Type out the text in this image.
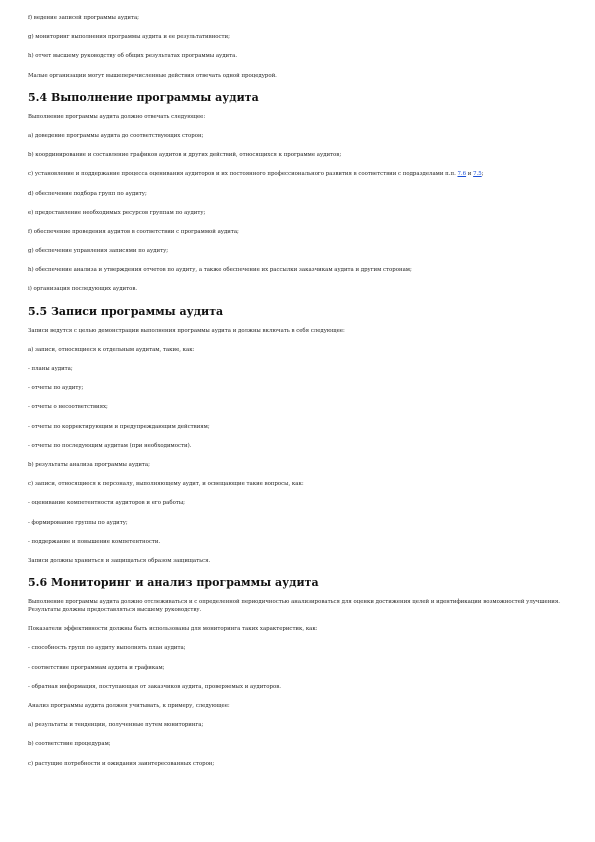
f) ведение записей программы аудита;

g) мониторинг выполнения программы аудита и ее результативности;

h) отчет высшему руководству об общих результатах программы аудита.

Малые организации могут вышеперечисленные действия отвечать одной процедурой.

5.4 Выполнение программы аудита

Выполнение программы аудита должно отвечать следующее:

a) доведение программы аудита до соответствующих сторон;

b) координирование и составление графиков аудитов и других действий, относящихся к программе аудитов;

c) установление и поддержание процесса оценивания аудиторов и их постоянного профессионального развития в соответствии с подразделами п.п. 7.6 и 7.5;

d) обеспечение подбора групп по аудиту;

e) предоставление необходимых ресурсов группам по аудиту;

f) обеспечение проведения аудитов в соответствии с программой аудита;

g) обеспечение управления записями по аудиту;

h) обеспечение анализа и утверждения отчетов по аудиту, а также обеспечение их рассылки заказчикам аудита и другим сторонам;

i) организация последующих аудитов.

5.5 Записи программы аудита

Записи ведутся с целью демонстрации выполнения программы аудита и должны включать в себя следующее:

a) записи, относящиеся к отдельным аудитам, такие, как:

- планы аудита;

- отчеты по аудиту;

- отчеты о несоответствиях;

- отчеты по корректирующим и предупреждающим действиям;

- отчеты по последующим аудитам (при необходимости).

b) результаты анализа программы аудита;

c) записи, относящиеся к персоналу, выполняющему аудит, и освещающие такие вопросы, как:

- оценивание компетентности аудиторов и его работы;

- формирование группы по аудиту;

- поддержание и повышение компетентности.

Записи должны храниться и защищаться образом защищаться.

5.6 Мониторинг и анализ программы аудита

Выполнение программы аудита должно отслеживаться и с определенной периодичностью анализироваться для оценки достижения целей и идентификации возможностей улучшения. Результаты должны предоставляться высшему руководству.

Показатели эффективности должны быть использованы для мониторинга таких характеристик, как:

- способность групп по аудиту выполнять план аудита;

- соответствие программам аудита и графикам;

- обратная информация, поступающая от заказчиков аудита, проверяемых и аудиторов.

Анализ программы аудита должен учитывать, к примеру, следующее:

a) результаты и тенденции, полученные путем мониторинга;

b) соответствие процедурам;

c) растущие потребности и ожидания заинтересованных сторон;
